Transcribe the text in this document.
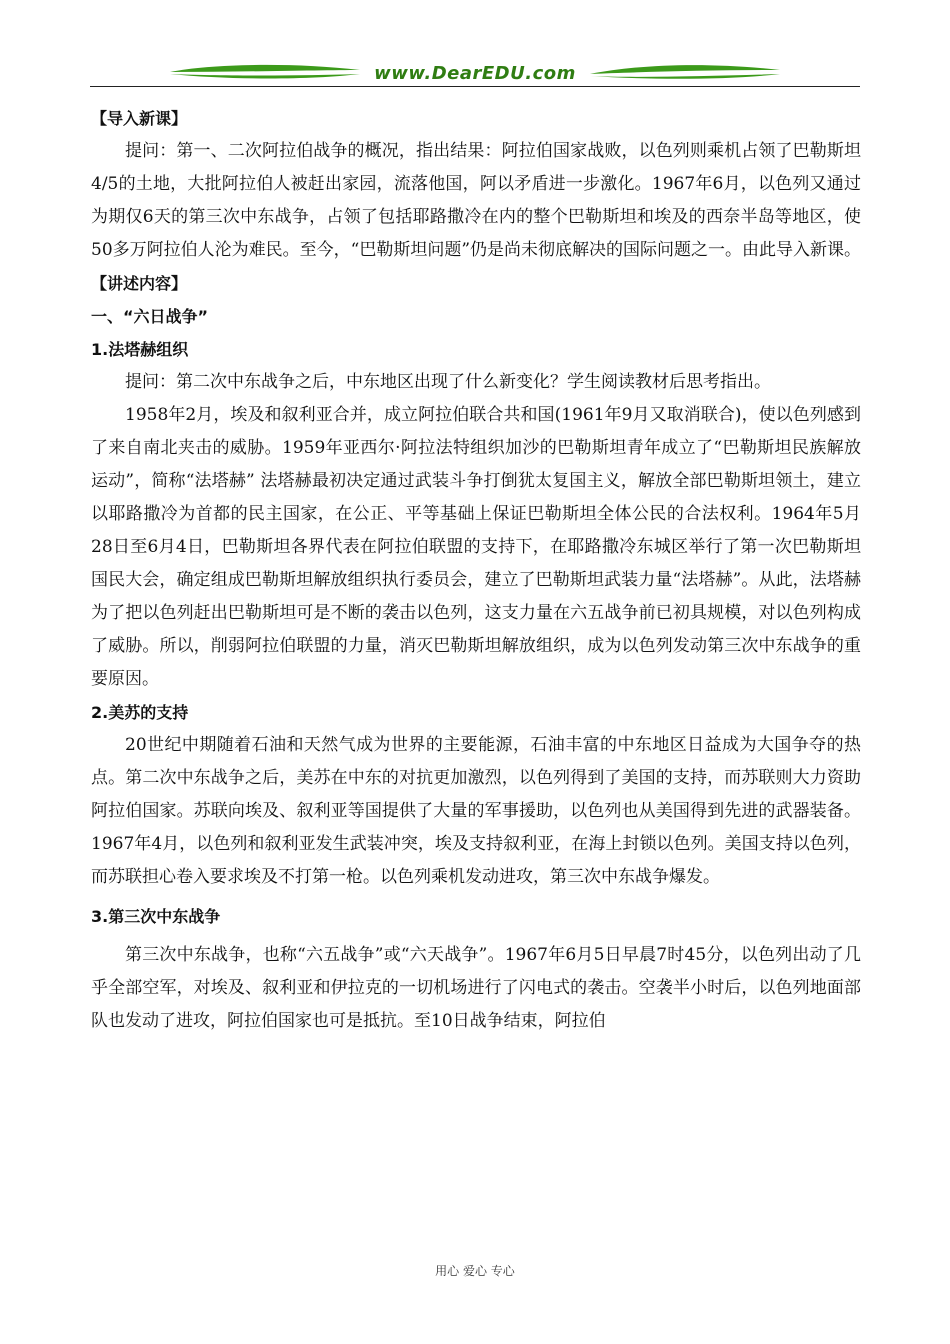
www.DearEDU.com

【导入新课】

提问：第一、二次阿拉伯战争的概况，指出结果：阿拉伯国家战败，以色列则乘机占领了巴勒斯坦4/5的土地，大批阿拉伯人被赶出家园，流落他国，阿以矛盾进一步激化。1967年6月，以色列又通过为期仅6天的第三次中东战争，占领了包括耶路撒冷在内的整个巴勒斯坦和埃及的西奈半岛等地区，使50多万阿拉伯人沦为难民。至今，“巴勒斯坦问题”仍是尚未彻底解决的国际问题之一。由此导入新课。

【讲述内容】

一、“六日战争”

1.法塔赫组织

提问：第二次中东战争之后，中东地区出现了什么新变化？学生阅读教材后思考指出。

1958年2月，埃及和叙利亚合并，成立阿拉伯联合共和国(1961年9月又取消联合)，使以色列感到了来自南北夹击的威胁。1959年亚西尔·阿拉法特组织加沙的巴勒斯坦青年成立了“巴勒斯坦民族解放运动”，简称“法塔赫” 法塔赫最初决定通过武装斗争打倒犹太复国主义，解放全部巴勒斯坦领土，建立以耶路撒冷为首都的民主国家，在公正、平等基础上保证巴勒斯坦全体公民的合法权利。1964年5月28日至6月4日，巴勒斯坦各界代表在阿拉伯联盟的支持下，在耶路撒冷东城区举行了第一次巴勒斯坦国民大会，确定组成巴勒斯坦解放组织执行委员会，建立了巴勒斯坦武装力量“法塔赫”。从此，法塔赫为了把以色列赶出巴勒斯坦可是不断的袭击以色列，这支力量在六五战争前已初具规模，对以色列构成了威胁。所以，削弱阿拉伯联盟的力量，消灭巴勒斯坦解放组织，成为以色列发动第三次中东战争的重要原因。

2.美苏的支持

20世纪中期随着石油和天然气成为世界的主要能源，石油丰富的中东地区日益成为大国争夺的热点。第二次中东战争之后，美苏在中东的对抗更加激烈，以色列得到了美国的支持，而苏联则大力资助阿拉伯国家。苏联向埃及、叙利亚等国提供了大量的军事援助，以色列也从美国得到先进的武器装备。1967年4月，以色列和叙利亚发生武装冲突，埃及支持叙利亚，在海上封锁以色列。美国支持以色列，而苏联担心卷入要求埃及不打第一枪。以色列乘机发动进攻，第三次中东战争爆发。

3.第三次中东战争

第三次中东战争，也称“六五战争”或“六天战争”。1967年6月5日早晨7时45分，以色列出动了几乎全部空军，对埃及、叙利亚和伊拉克的一切机场进行了闪电式的袭击。空袭半小时后，以色列地面部队也发动了进攻，阿拉伯国家也可是抵抗。至10日战争结束，阿拉伯

用心 爱心 专心
